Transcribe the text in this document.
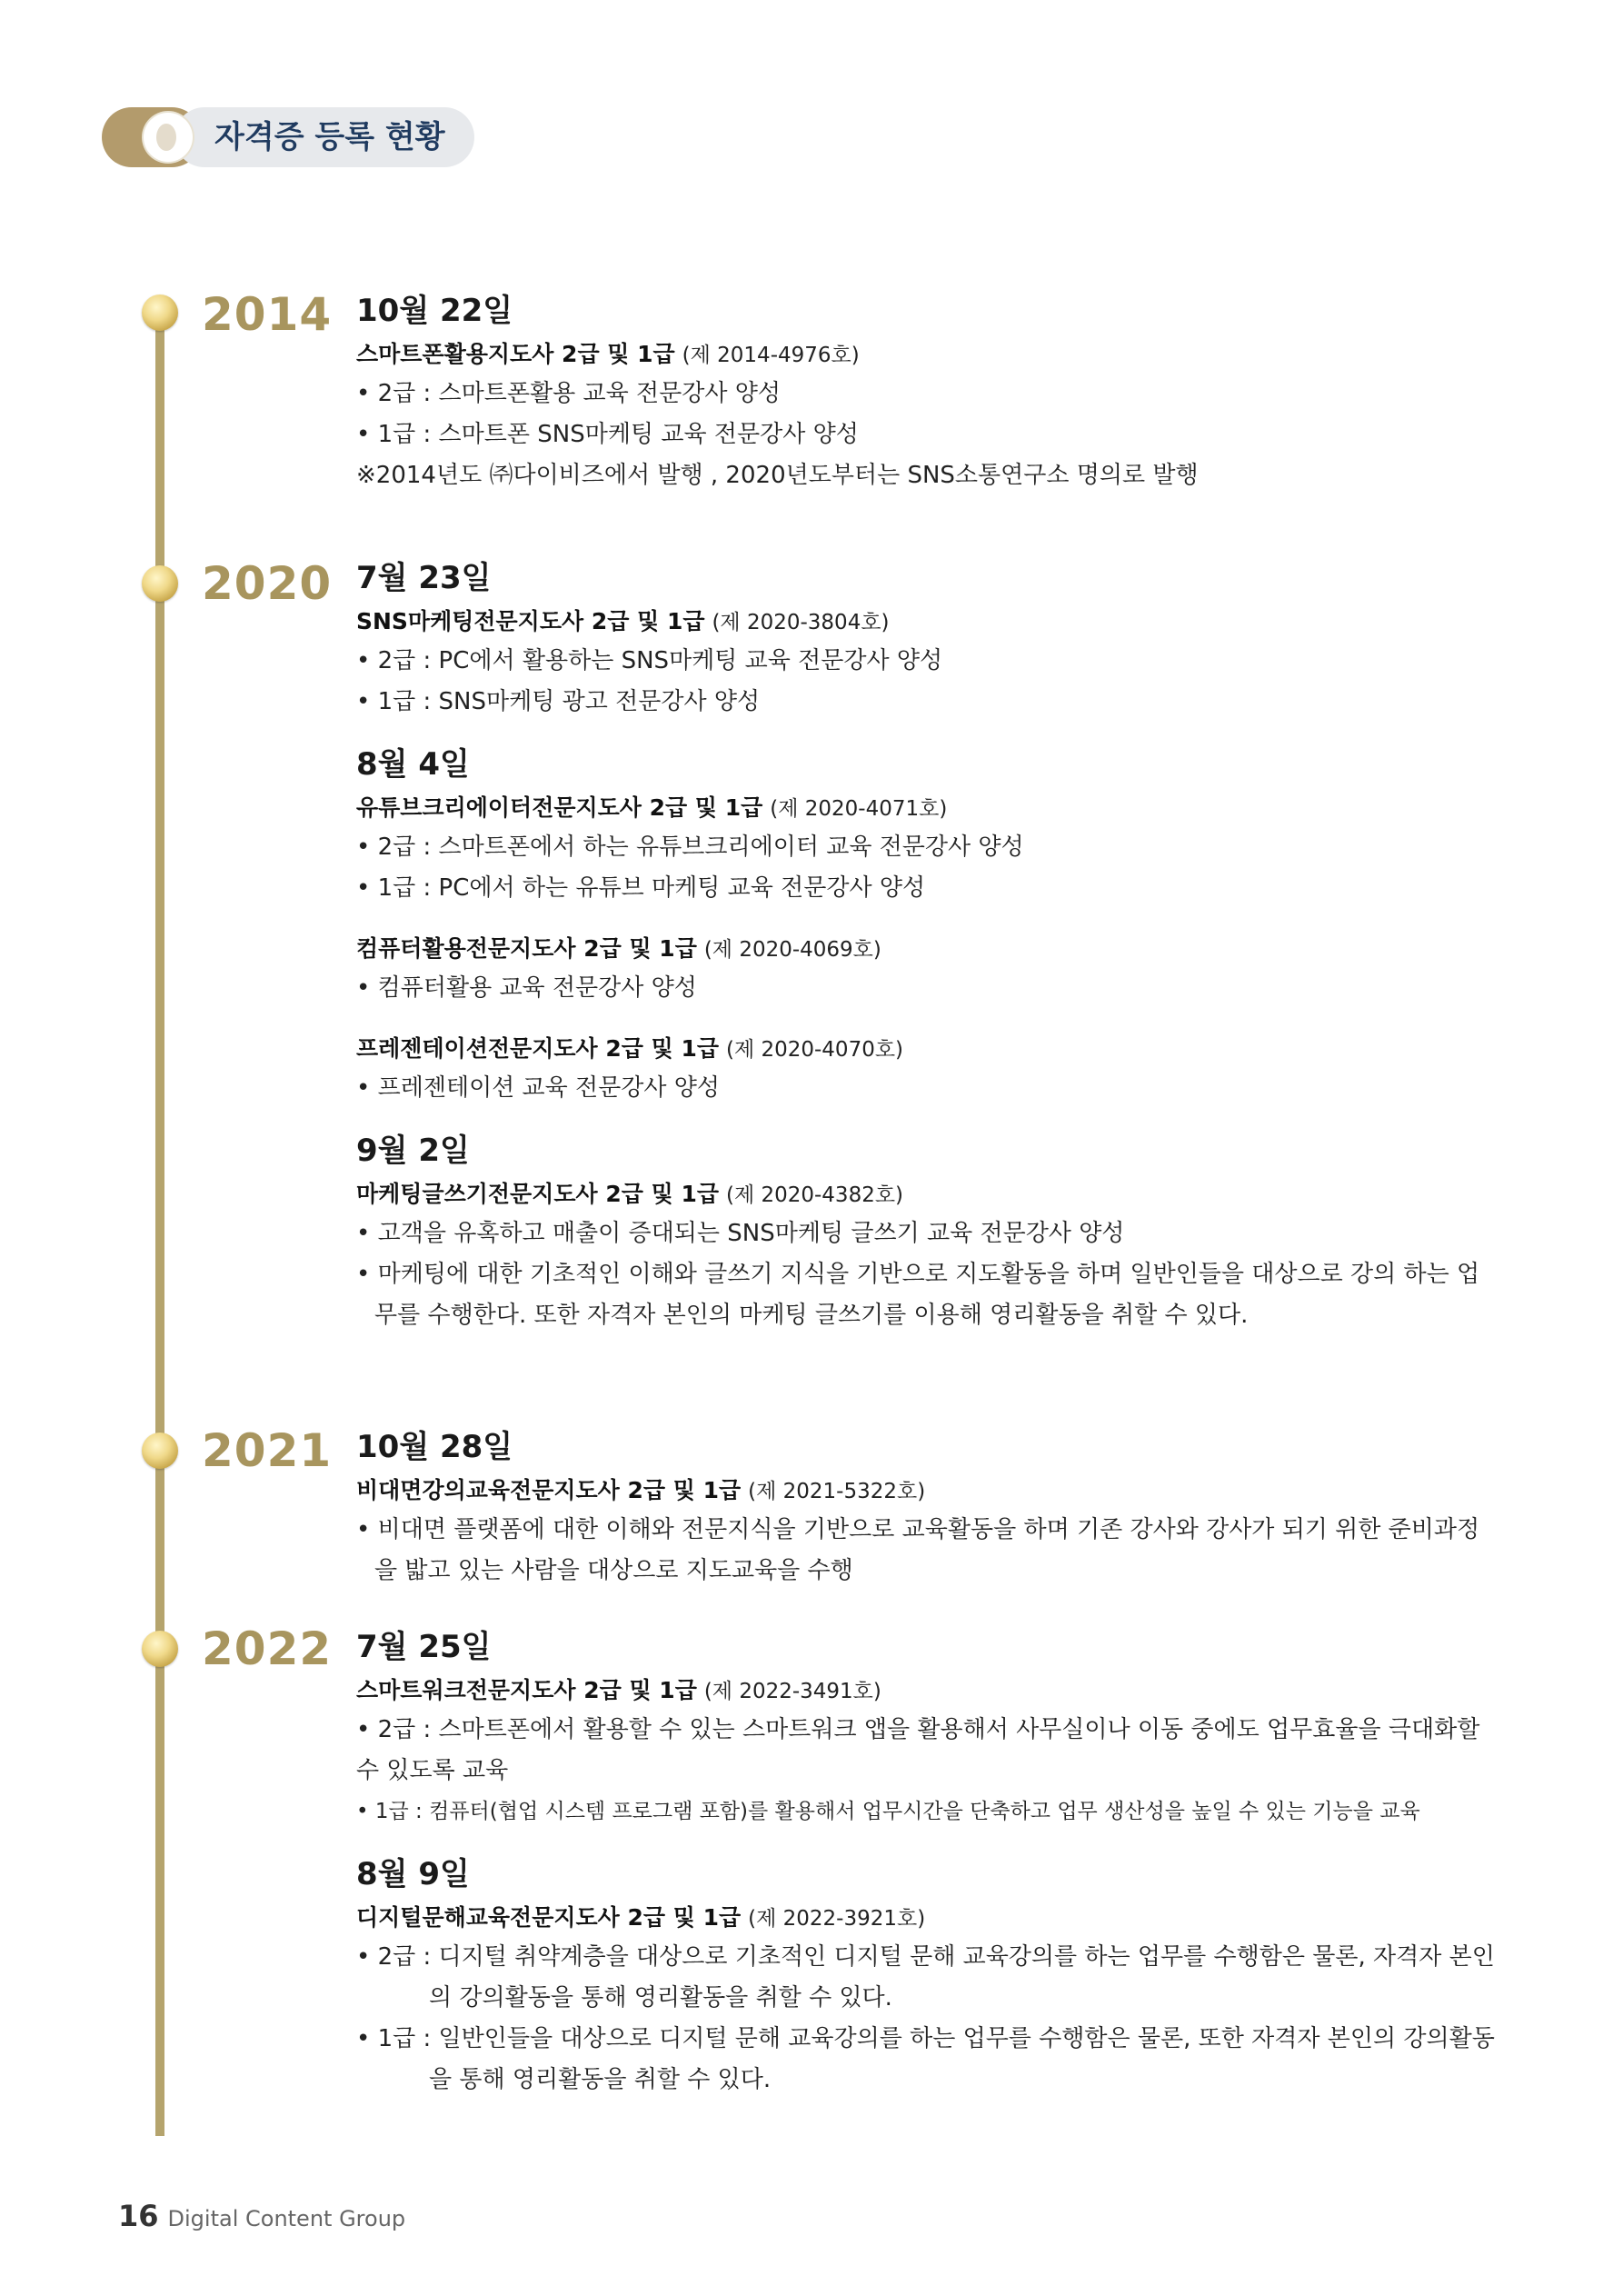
자격증 등록 현황
2014 10월 22일
스마트폰활용지도사 2급 및 1급 (제 2014-4976호)
• 2급 : 스마트폰활용 교육 전문강사 양성
• 1급 : 스마트폰 SNS마케팅 교육 전문강사 양성
※2014년도 ㈜다이비즈에서 발행 , 2020년도부터는 SNS소통연구소 명의로 발행
2020 7월 23일
SNS마케팅전문지도사 2급 및 1급 (제 2020-3804호)
• 2급 : PC에서 활용하는 SNS마케팅 교육 전문강사 양성
• 1급 : SNS마케팅 광고 전문강사 양성
8월 4일
유튜브크리에이터전문지도사 2급 및 1급 (제 2020-4071호)
• 2급 : 스마트폰에서 하는 유튜브크리에이터 교육 전문강사 양성
• 1급 : PC에서 하는 유튜브 마케팅 교육 전문강사 양성
컴퓨터활용전문지도사 2급 및 1급 (제 2020-4069호)
• 컴퓨터활용 교육 전문강사 양성
프레젠테이션전문지도사 2급 및 1급 (제 2020-4070호)
• 프레젠테이션 교육 전문강사 양성
9월 2일
마케팅글쓰기전문지도사 2급 및 1급 (제 2020-4382호)
• 고객을 유혹하고 매출이 증대되는 SNS마케팅 글쓰기 교육 전문강사 양성
• 마케팅에 대한 기초적인 이해와 글쓰기 지식을 기반으로 지도활동을 하며 일반인들을 대상으로 강의 하는 업무를 수행한다. 또한 자격자 본인의 마케팅 글쓰기를 이용해 영리활동을 취할 수 있다.
2021 10월 28일
비대면강의교육전문지도사 2급 및 1급 (제 2021-5322호)
• 비대면 플랫폼에 대한 이해와 전문지식을 기반으로 교육활동을 하며 기존 강사와 강사가 되기 위한 준비과정을 밟고 있는 사람을 대상으로 지도교육을 수행
2022 7월 25일
스마트워크전문지도사 2급 및 1급 (제 2022-3491호)
• 2급 : 스마트폰에서 활용할 수 있는 스마트워크 앱을 활용해서 사무실이나 이동 중에도 업무효율을 극대화할 수 있도록 교육
• 1급 : 컴퓨터(협업 시스템 프로그램 포함)를 활용해서 업무시간을 단축하고 업무 생산성을 높일 수 있는 기능을 교육
8월 9일
디지털문해교육전문지도사 2급 및 1급 (제 2022-3921호)
• 2급 : 디지털 취약계층을 대상으로 기초적인 디지털 문해 교육강의를 하는 업무를 수행함은 물론, 자격자 본인의 강의활동을 통해 영리활동을 취할 수 있다.
• 1급 : 일반인들을 대상으로 디지털 문해 교육강의를 하는 업무를 수행함은 물론, 또한 자격자 본인의 강의활동을 통해 영리활동을 취할 수 있다.
16 Digital Content Group
